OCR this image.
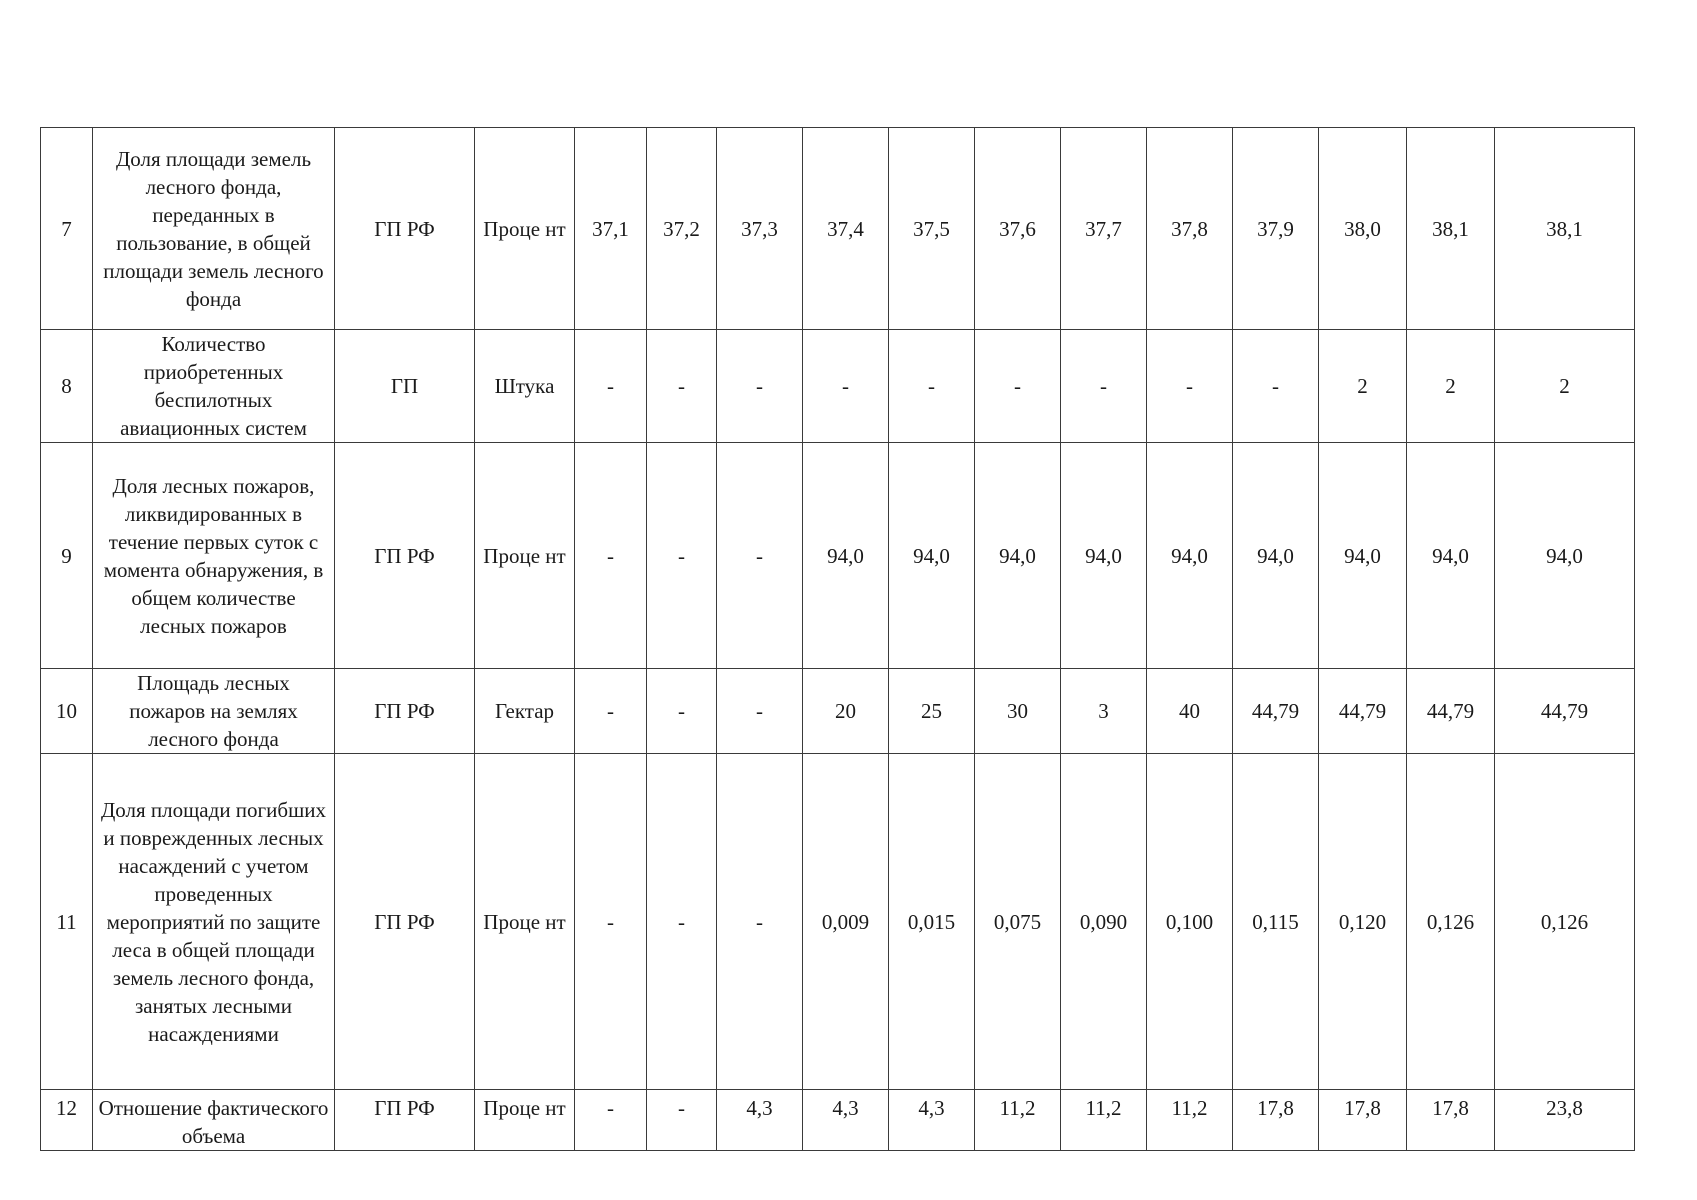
7	Доля площади земель лесного фонда, переданных в пользование, в общей площади земель лесного фонда	ГП РФ	Проце нт	37,1	37,2	37,3	37,4	37,5	37,6	37,7	37,8	37,9	38,0	38,1	38,1
8	Количество приобретенных беспилотных авиационных систем	ГП	Штука	-	-	-	-	-	-	-	-	-	2	2	2
9	Доля лесных пожаров, ликвидированных в течение первых суток с момента обнаружения, в общем количестве лесных пожаров	ГП РФ	Проце нт	-	-	-	94,0	94,0	94,0	94,0	94,0	94,0	94,0	94,0	94,0
10	Площадь лесных пожаров на землях лесного фонда	ГП РФ	Гектар	-	-	-	20	25	30	3	40	44,79	44,79	44,79	44,79
11	Доля площади погибших и поврежденных лесных насаждений с учетом проведенных мероприятий по защите леса в общей площади земель лесного фонда, занятых лесными насаждениями	ГП РФ	Проце нт	-	-	-	0,009	0,015	0,075	0,090	0,100	0,115	0,120	0,126	0,126
12	Отношение фактического объема	ГП РФ	Проце нт	-	-	4,3	4,3	4,3	11,2	11,2	11,2	17,8	17,8	17,8	23,8
